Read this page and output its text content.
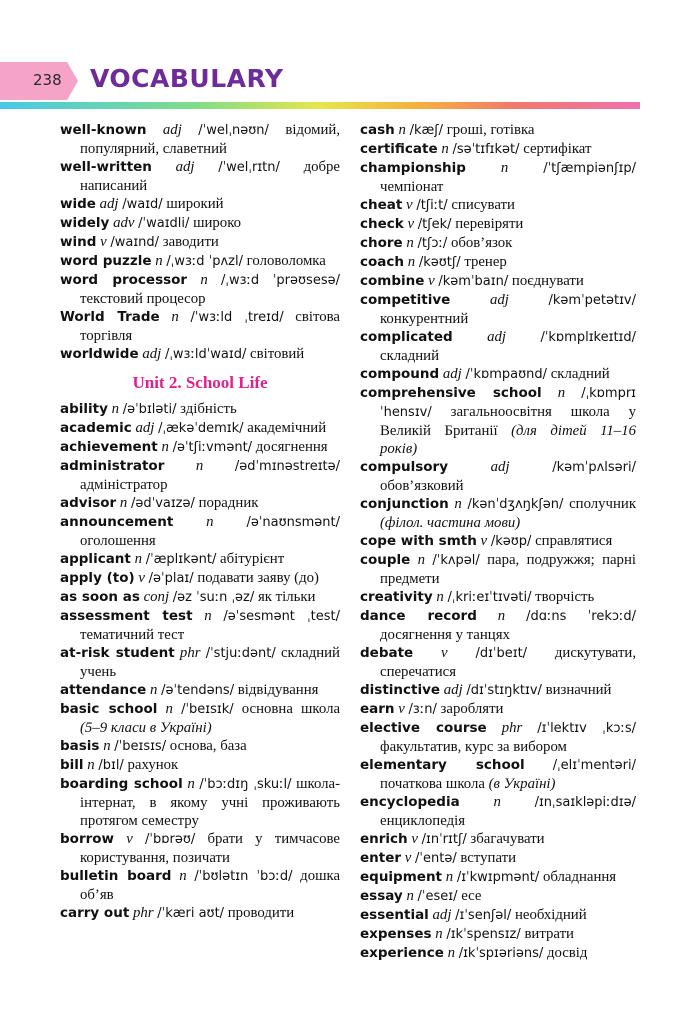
238 VOCABULARY

well-known adj /ˈwelˌnəʊn/ відомий, популярний, славетний

well-written adj /ˈwelˌrɪtn/ добре написаний

wide adj /waɪd/ широкий

widely adv /ˈwaɪdli/ широко

wind v /waɪnd/ заводити

word puzzle n /ˌwɜːd ˈpʌzl/ головоломка

word processor n /ˌwɜːd ˈprəʊsesə/ текстовий процесор

World Trade n /ˈwɜːld ˌtreɪd/ світова торгівля

worldwide adj /ˌwɜːldˈwaɪd/ світовий

Unit 2. School Life

ability n /əˈbɪləti/ здібність

academic adj /ˌækəˈdemɪk/ академічний

achievement n /əˈtʃiːvmənt/ досягнення

administrator n /ədˈmɪnəstreɪtə/ адміністратор

advisor n /ədˈvaɪzə/ порадник

announcement n	/əˈnaʊnsmənt/ оголошення

applicant n /ˈæplɪkənt/ абітурієнт

apply (to) v /əˈplaɪ/ подавати заяву (до)

as soon as conj /əz ˈsuːn ˌəz/ як тільки

assessment test n /əˈsesmənt ˌtest/ тематичний тест

at-risk student phr /ˈstjuːdənt/ складний учень

attendance n /əˈtendəns/ відвідування

basic school n /ˈbeɪsɪk/ основна школа (5–9 класи в Україні)

basis n /ˈbeɪsɪs/ основа, база

bill n /bɪl/ рахунок

boarding school n /ˈbɔːdɪŋ ˌskuːl/ школа-інтернат, в якому учні проживають протягом семестру

borrow v /ˈbɒrəʊ/ брати у тимчасове користування, позичати

bulletin board n /ˈbʊlətɪn ˈbɔːd/ дошка об’яв

carry out phr /ˈkæri aʊt/ проводити

cash n /kæʃ/ гроші, готівка

certificate n /səˈtɪfɪkət/ сертифікат

championship n	/ˈtʃæmpiənʃɪp/ чемпіонат

cheat v /tʃiːt/ списувати

check v /tʃek/ перевіряти

chore n /tʃɔː/ обов’язок

coach n /kəʊtʃ/ тренер

combine v /kəmˈbaɪn/ поєднувати

competitive	adj	/kəmˈpetətɪv/ конкурентний

complicated adj	/ˈkɒmplɪkeɪtɪd/ складний

compound adj /ˈkɒmpaʊnd/ складний

comprehensive school n /ˌkɒmprɪˈhensɪv/ загальноосвітня школа у Великій Британії (для дітей 11–16 років)

compulsory	adj	/kəmˈpʌlsəri/ обов’язковий

conjunction n /kənˈdʒʌŋkʃən/ сполучник (філол. частина мови)

cope with smth v /kəʊp/ справлятися

couple n /ˈkʌpəl/ пара, подружжя; парні предмети

creativity n /ˌkriːeɪˈtɪvəti/ творчість

dance record n /dɑːns ˈrekɔːd/ досягнення у танцях

debate v /dɪˈbeɪt/ дискутувати, сперечатися

distinctive adj /dɪˈstɪŋktɪv/ визначний

earn v /ɜːn/ заробляти

elective course phr /ɪˈlektɪv ˌkɔːs/ факультатив, курс за вибором

elementary school /ˌelɪˈmentəri/ початкова школа (в Україні)

encyclopedia n	/ɪnˌsaɪkləpiːdɪə/ енциклопедія

enrich v /ɪnˈrɪtʃ/ збагачувати

enter v /ˈentə/ вступати

equipment n /ɪˈkwɪpmənt/ обладнання

essay n /ˈeseɪ/ есе

essential adj /ɪˈsenʃəl/ необхідний

expenses n /ɪkˈspensɪz/ витрати

experience n /ɪkˈspɪəriəns/ досвід
